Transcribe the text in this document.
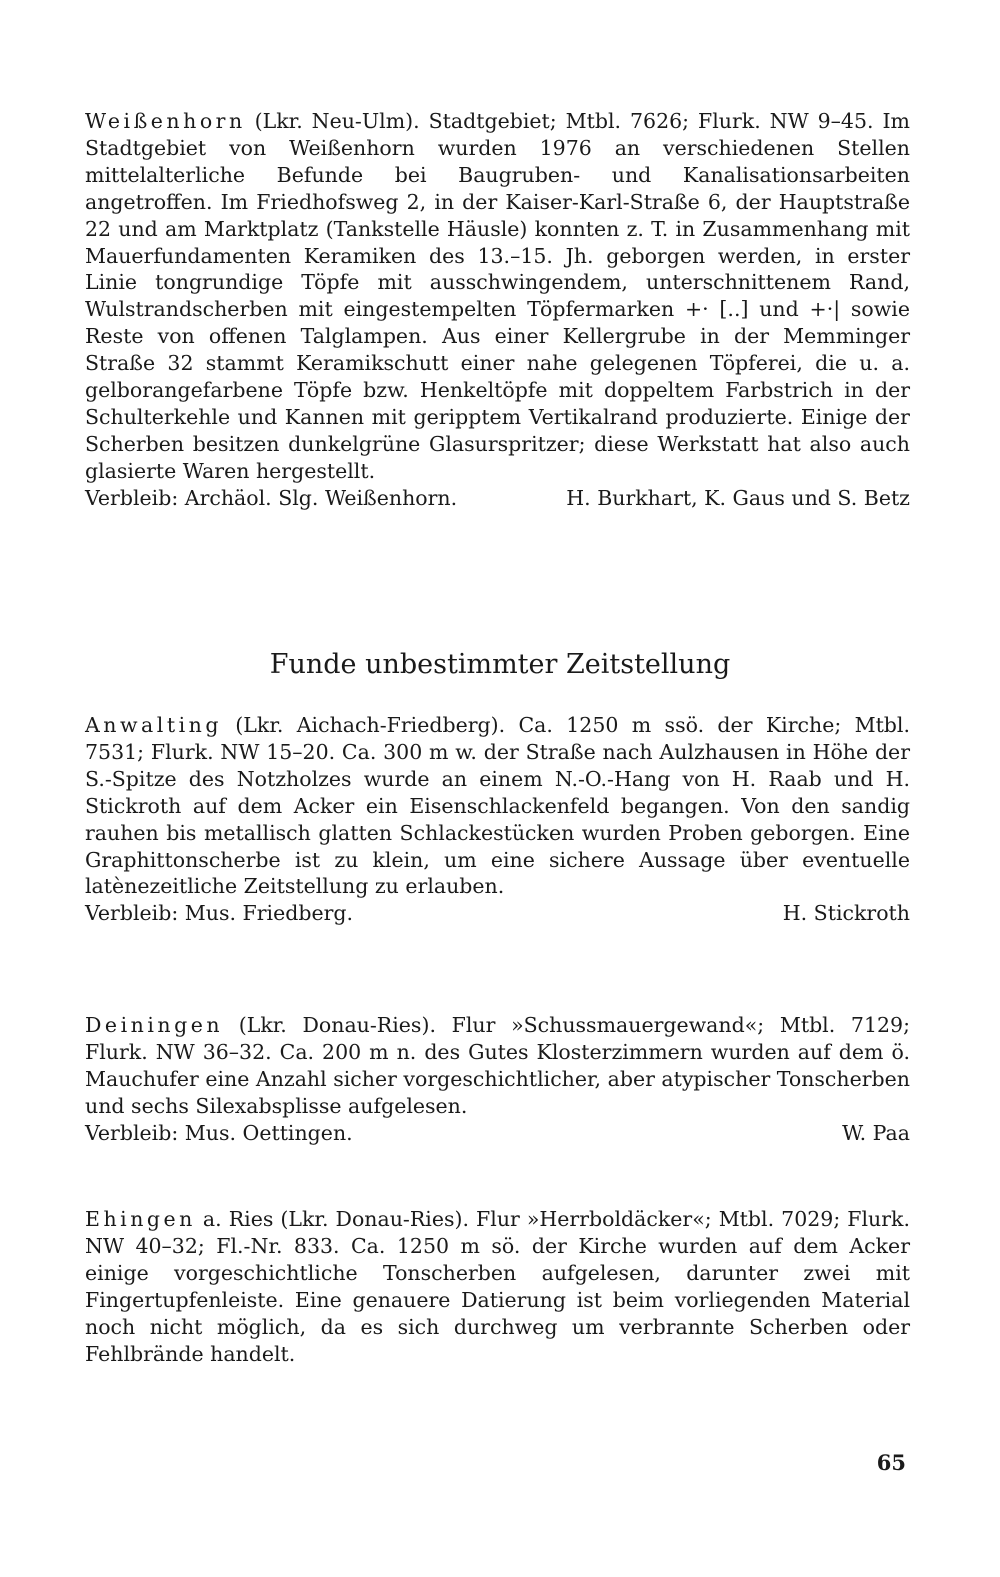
Weißenhorn (Lkr. Neu-Ulm). Stadtgebiet; Mtbl. 7626; Flurk. NW 9–45. Im Stadtgebiet von Weißenhorn wurden 1976 an verschiedenen Stellen mittelalterliche Befunde bei Baugruben- und Kanalisationsarbeiten angetroffen. Im Friedhofsweg 2, in der Kaiser-Karl-Straße 6, der Hauptstraße 22 und am Marktplatz (Tankstelle Häusle) konnten z. T. in Zusammenhang mit Mauerfundamenten Keramiken des 13.–15. Jh. geborgen werden, in erster Linie tongrundige Töpfe mit ausschwingendem, unterschnittenem Rand, Wulstrandscherben mit eingestempelten Töpfermarken +· [..] und +·| sowie Reste von offenen Talglampen. Aus einer Kellergrube in der Memminger Straße 32 stammt Keramikschutt einer nahe gelegenen Töpferei, die u. a. gelborangefarbene Töpfe bzw. Henkeltöpfe mit doppeltem Farbstrich in der Schulterkehle und Kannen mit geripptem Vertikalrand produzierte. Einige der Scherben besitzen dunkelgrüne Glasurspritzer; diese Werkstatt hat also auch glasierte Waren hergestellt.

Verbleib: Archäol. Slg. Weißenhorn.	H. Burkhart, K. Gaus und S. Betz
Funde unbestimmter Zeitstellung

Anwalting (Lkr. Aichach-Friedberg). Ca. 1250 m ssö. der Kirche; Mtbl. 7531; Flurk. NW 15–20. Ca. 300 m w. der Straße nach Aulzhausen in Höhe der S.-Spitze des Notzholzes wurde an einem N.-O.-Hang von H. Raab und H. Stickroth auf dem Acker ein Eisenschlackenfeld begangen. Von den sandig rauhen bis metallisch glatten Schlackestücken wurden Proben geborgen. Eine Graphittonscherbe ist zu klein, um eine sichere Aussage über eventuelle latènezeitliche Zeitstellung zu erlauben.

Verbleib: Mus. Friedberg.	H. Stickroth

Deiningen (Lkr. Donau-Ries). Flur »Schussmauergewand«; Mtbl. 7129; Flurk. NW 36–32. Ca. 200 m n. des Gutes Klosterzimmern wurden auf dem ö. Mauchufer eine Anzahl sicher vorgeschichtlicher, aber atypischer Tonscherben und sechs Silexabsplisse aufgelesen.

Verbleib: Mus. Oettingen.	W. Paa

Ehingen a. Ries (Lkr. Donau-Ries). Flur »Herrboldäcker«; Mtbl. 7029; Flurk. NW 40–32; Fl.-Nr. 833. Ca. 1250 m sö. der Kirche wurden auf dem Acker einige vorgeschichtliche Tonscherben aufgelesen, darunter zwei mit Fingertupfenleiste. Eine genauere Datierung ist beim vorliegenden Material noch nicht möglich, da es sich durchweg um verbrannte Scherben oder Fehlbrände handelt.

65
